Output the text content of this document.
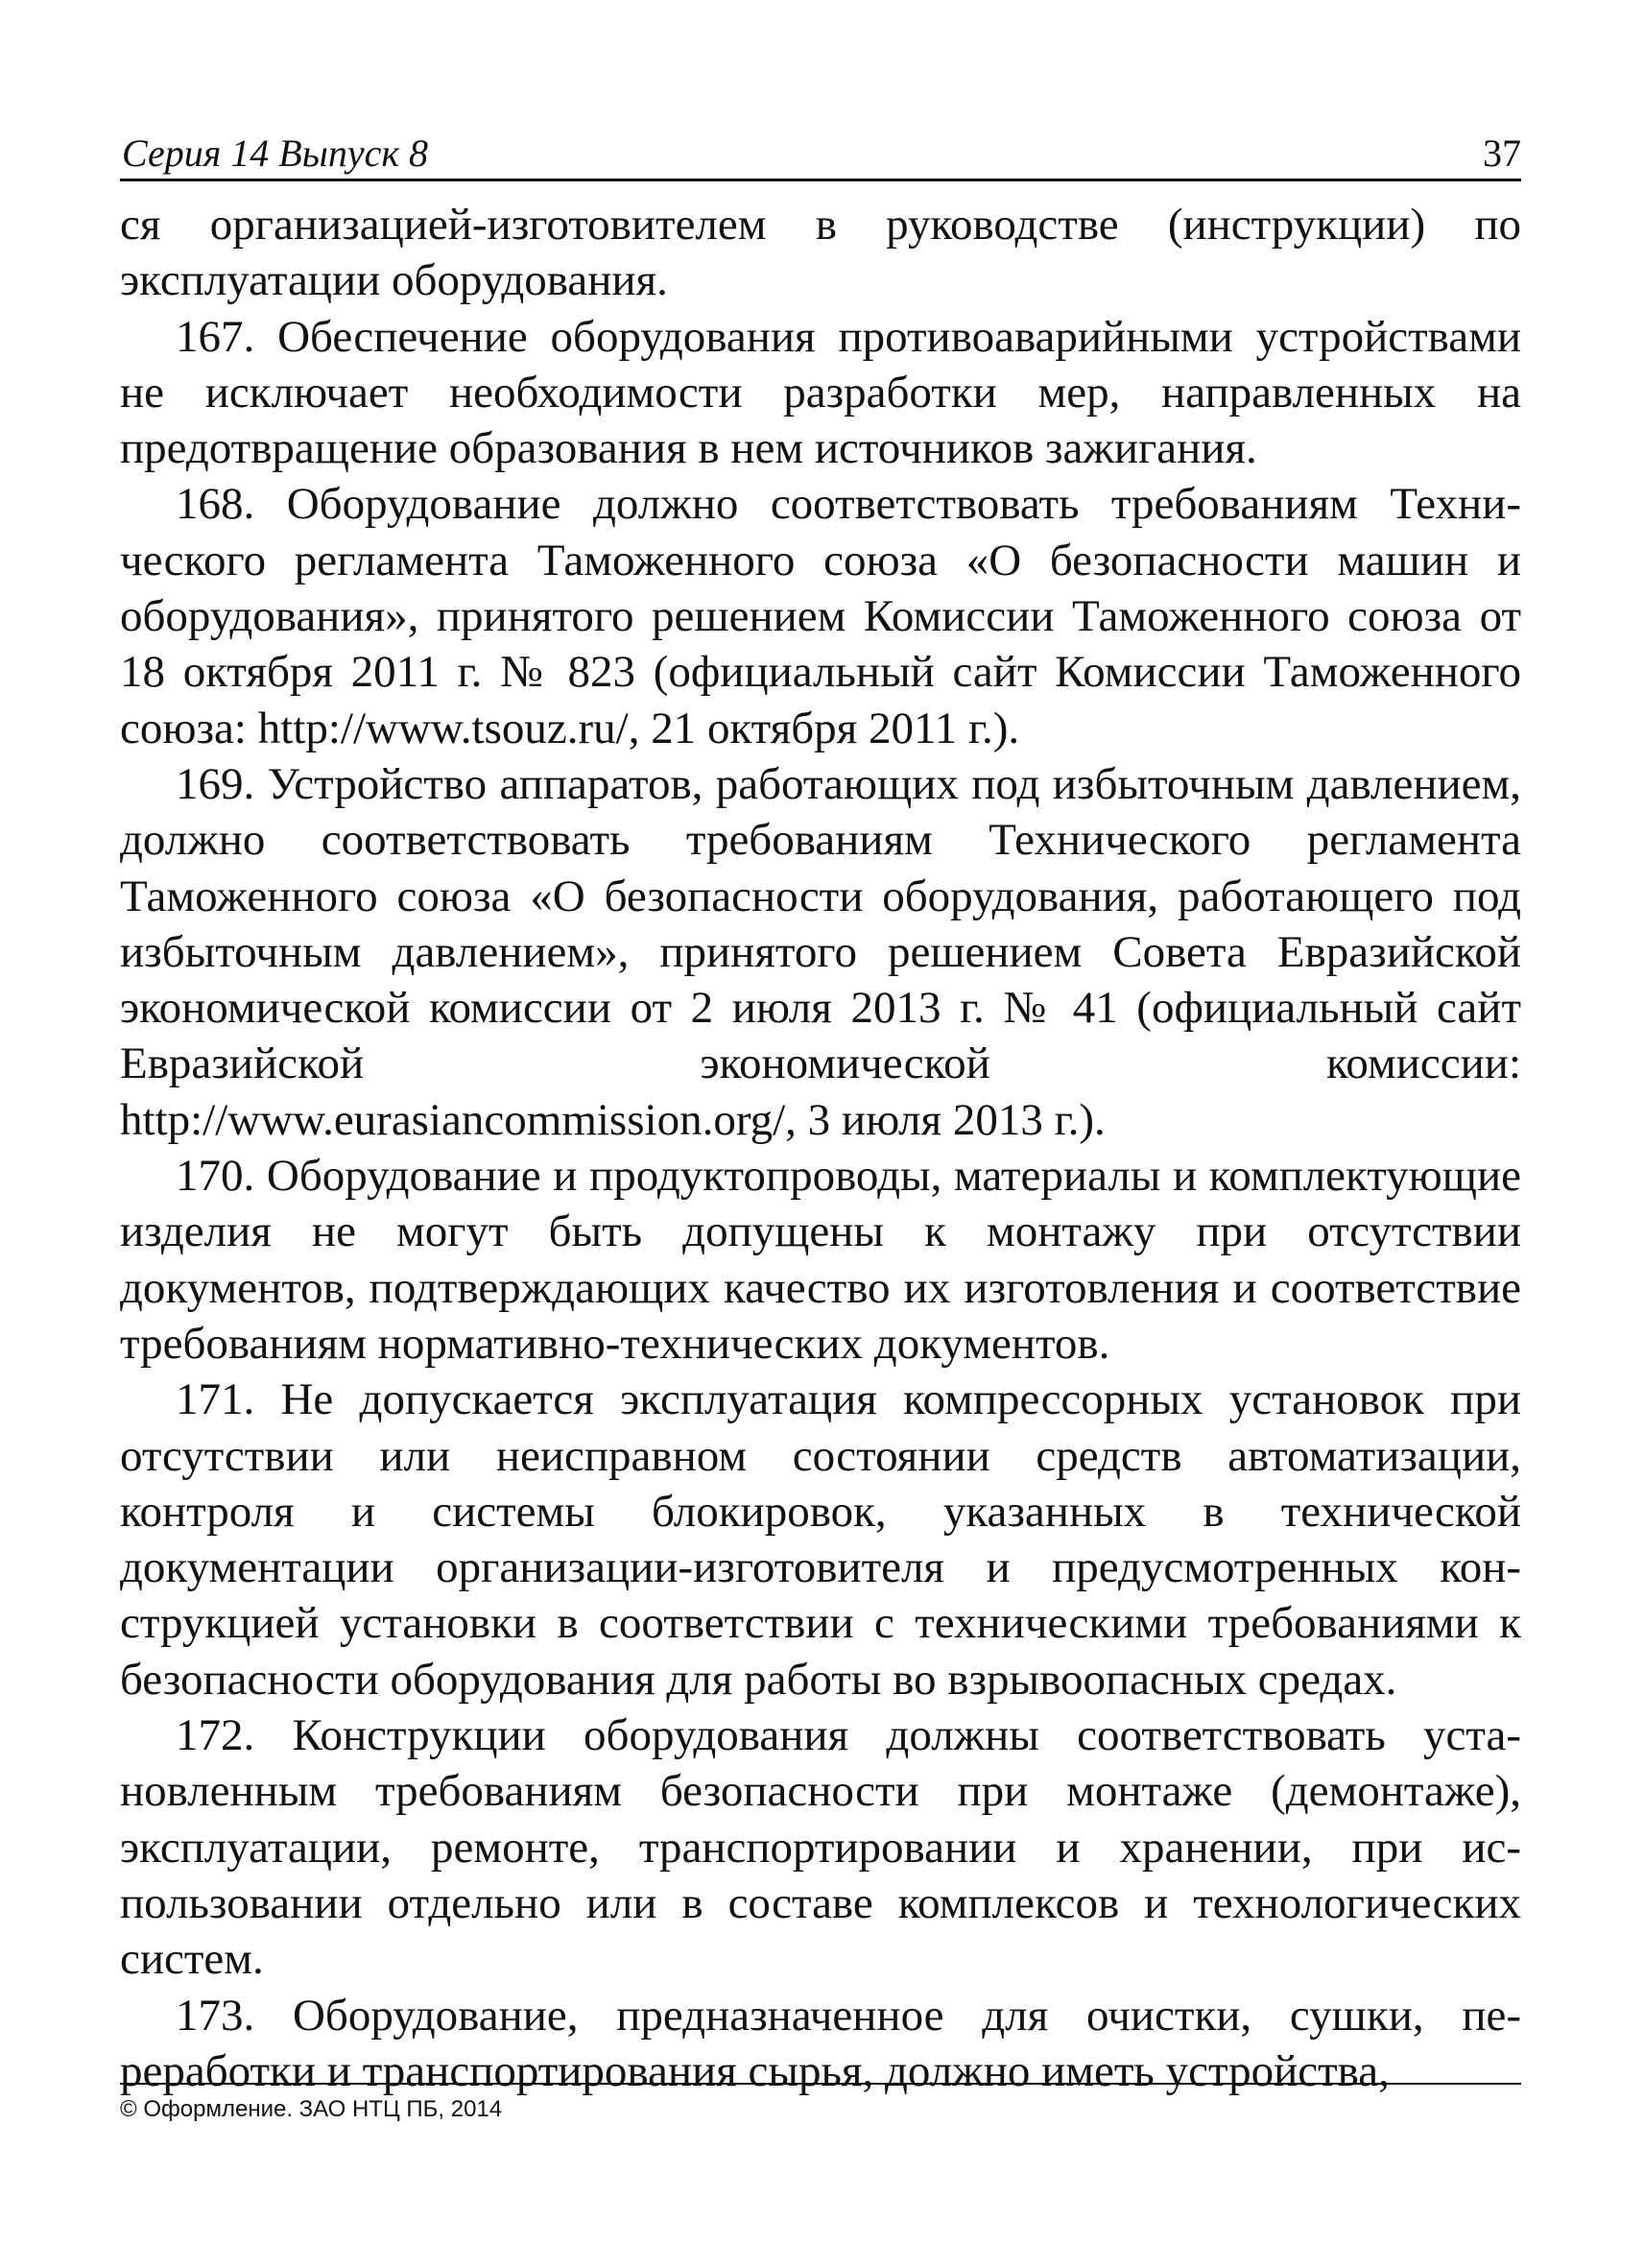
Серия 14 Выпуск 8	37

ся организацией-изготовителем в руководстве (инструкции) по эксплуатации оборудования.

167. Обеспечение оборудования противоаварийными устройствами не исключает необходимости разработки мер, направленных на предотвращение образования в нем источников зажигания.

168. Оборудование должно соответствовать требованиям Технического регламента Таможенного союза «О безопасности машин и оборудования», принятого решением Комиссии Таможенного союза от 18 октября 2011 г. № 823 (официальный сайт Комиссии Таможенного союза: http://www.tsouz.ru/, 21 октября 2011 г.).

169. Устройство аппаратов, работающих под избыточным давлением, должно соответствовать требованиям Технического регламента Таможенного союза «О безопасности оборудования, работающего под избыточным давлением», принятого решением Совета Евразийской экономической комиссии от 2 июля 2013 г. № 41 (официальный сайт Евразийской экономической комиссии: http://www.eurasiancommission.org/, 3 июля 2013 г.).

170. Оборудование и продуктопроводы, материалы и комплектующие изделия не могут быть допущены к монтажу при отсутствии документов, подтверждающих качество их изготовления и соответствие требованиям нормативно-технических документов.

171. Не допускается эксплуатация компрессорных установок при отсутствии или неисправном состоянии средств автоматизации, контроля и системы блокировок, указанных в технической документации организации-изготовителя и предусмотренных конструкцией установки в соответствии с техническими требованиями к безопасности оборудования для работы во взрывоопасных средах.

172. Конструкции оборудования должны соответствовать установленным требованиям безопасности при монтаже (демонтаже), эксплуатации, ремонте, транспортировании и хранении, при использовании отдельно или в составе комплексов и технологических систем.

173. Оборудование, предназначенное для очистки, сушки, переработки и транспортирования сырья, должно иметь устройства,

© Оформление. ЗАО НТЦ ПБ, 2014
